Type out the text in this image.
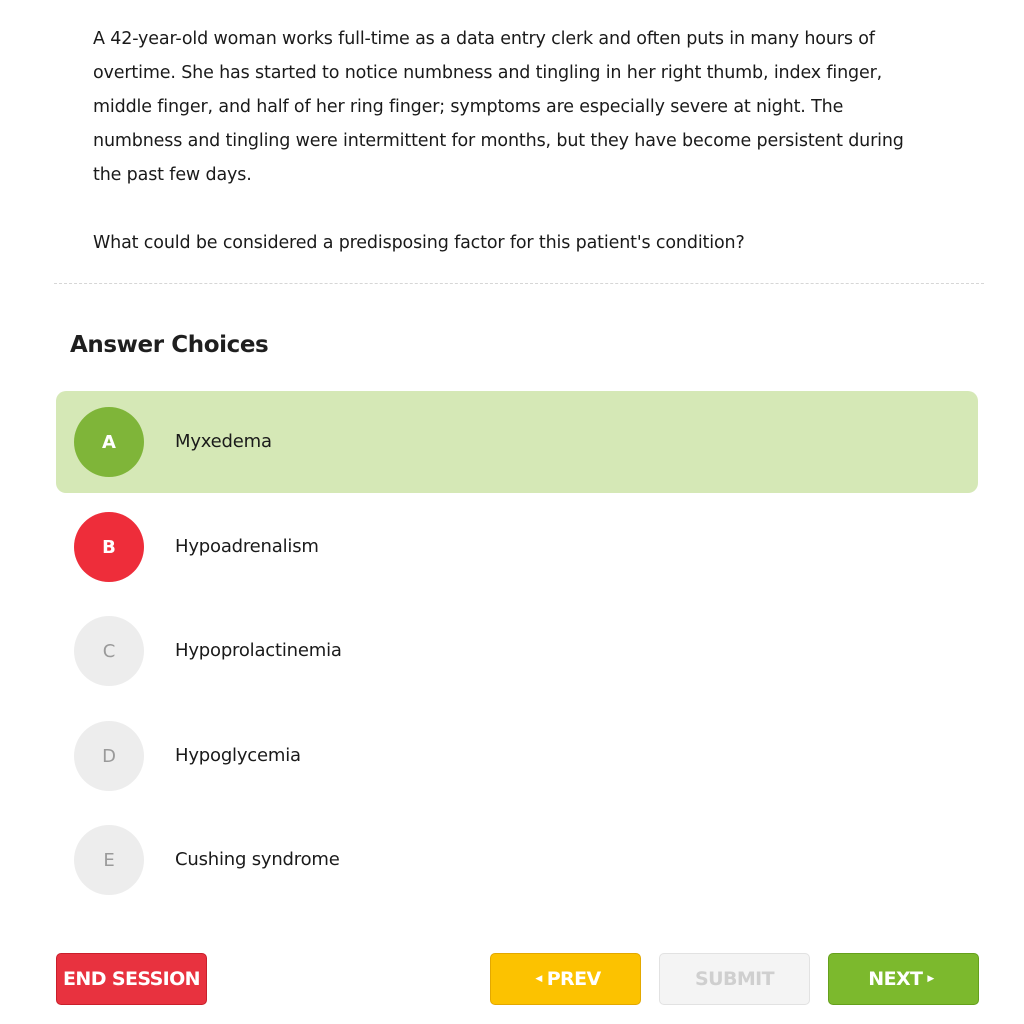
A 42-year-old woman works full-time as a data entry clerk and often puts in many hours of
overtime. She has started to notice numbness and tingling in her right thumb, index finger,
middle finger, and half of her ring finger; symptoms are especially severe at night. The
numbness and tingling were intermittent for months, but they have become persistent during
the past few days.

What could be considered a predisposing factor for this patient's condition?

Answer Choices
A	Myxedema
B	Hypoadrenalism
C	Hypoprolactinemia
D	Hypoglycemia
E	Cushing syndrome
END SESSION	◀ PREV	SUBMIT	NEXT ▶
